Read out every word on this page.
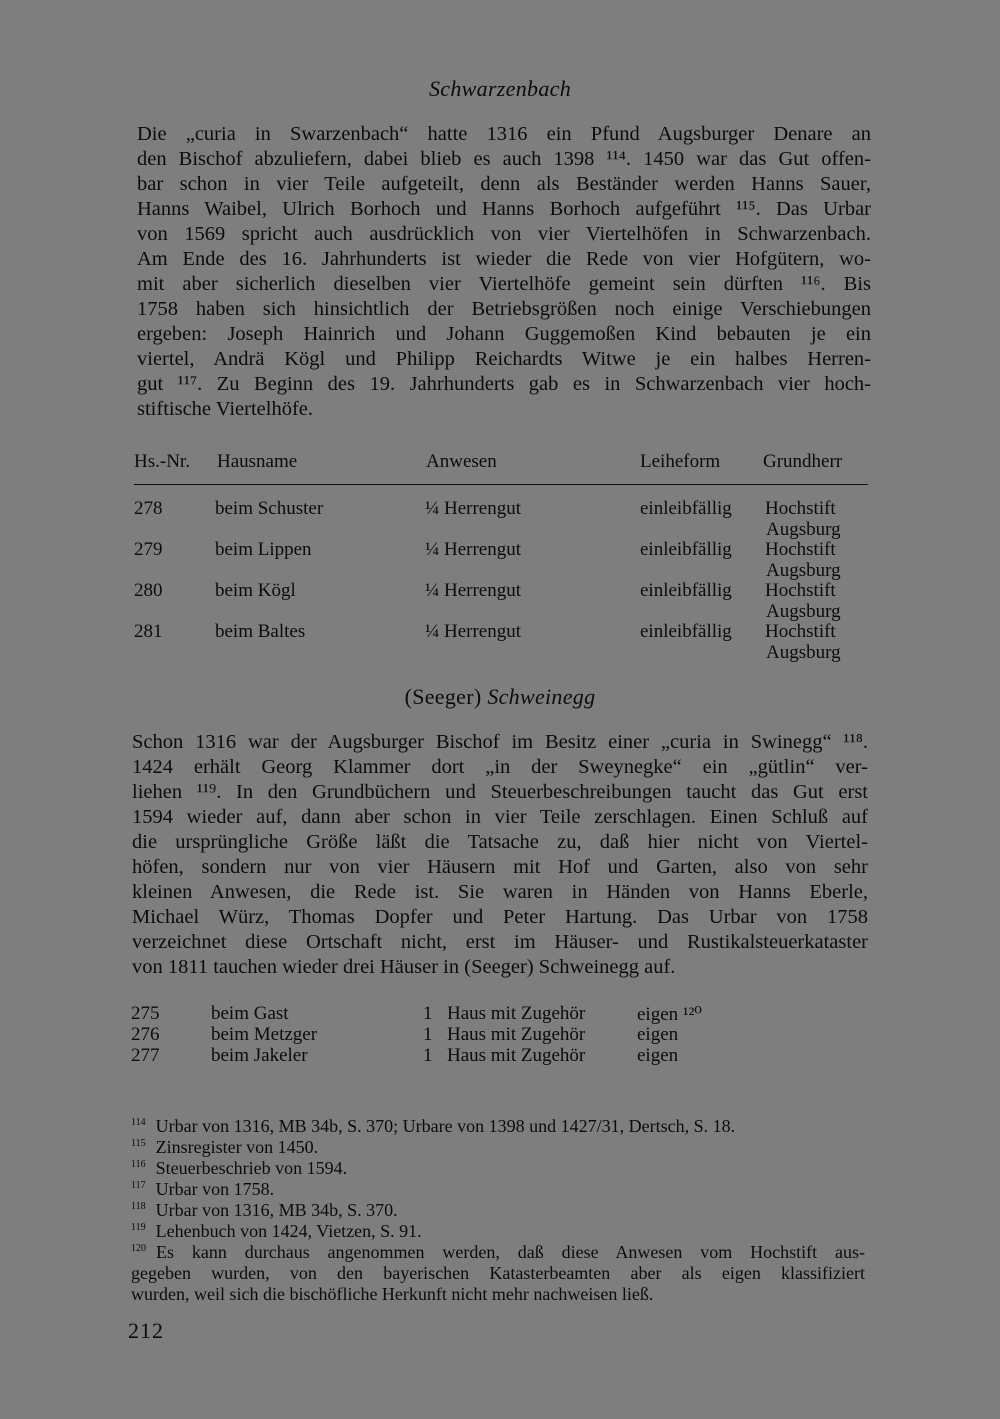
Schwarzenbach
Die „curia in Swarzenbach“ hatte 1316 ein Pfund Augsburger Denare an
den Bischof abzuliefern, dabei blieb es auch 1398 ¹¹⁴. 1450 war das Gut offen-
bar schon in vier Teile aufgeteilt, denn als Beständer werden Hanns Sauer,
Hanns Waibel, Ulrich Borhoch und Hanns Borhoch aufgeführt ¹¹⁵. Das Urbar
von 1569 spricht auch ausdrücklich von vier Viertelhöfen in Schwarzenbach.
Am Ende des 16. Jahrhunderts ist wieder die Rede von vier Hofgütern, wo-
mit aber sicherlich dieselben vier Viertelhöfe gemeint sein dürften ¹¹⁶. Bis
1758 haben sich hinsichtlich der Betriebsgrößen noch einige Verschiebungen
ergeben: Joseph Hainrich und Johann Guggemoßen Kind bebauten je ein
viertel, Andrä Kögl und Philipp Reichardts Witwe je ein halbes Herren-
gut ¹¹⁷. Zu Beginn des 19. Jahrhunderts gab es in Schwarzenbach vier hoch-
stiftische Viertelhöfe.
Hs.-Nr. Hausname	Anwesen	Leiheform Grundherr
278	beim Schuster	¼ Herrengut	einleibfällig Hochstift
Augsburg
279	beim Lippen	¼ Herrengut	einleibfällig Hochstift
Augsburg
280	beim Kögl	¼ Herrengut	einleibfällig Hochstift
Augsburg
281	beim Baltes	¼ Herrengut	einleibfällig Hochstift
Augsburg
(Seeger) Schweinegg
Schon 1316 war der Augsburger Bischof im Besitz einer „curia in Swinegg“ ¹¹⁸.
1424 erhält Georg Klammer dort „in der Sweynegke“ ein „gütlin“ ver-
liehen ¹¹⁹. In den Grundbüchern und Steuerbeschreibungen taucht das Gut erst
1594 wieder auf, dann aber schon in vier Teile zerschlagen. Einen Schluß auf
die ursprüngliche Größe läßt die Tatsache zu, daß hier nicht von Viertel-
höfen, sondern nur von vier Häusern mit Hof und Garten, also von sehr
kleinen Anwesen, die Rede ist. Sie waren in Händen von Hanns Eberle,
Michael Würz, Thomas Dopfer und Peter Hartung. Das Urbar von 1758
verzeichnet diese Ortschaft nicht, erst im Häuser- und Rustikalsteuerkataster
von 1811 tauchen wieder drei Häuser in (Seeger) Schweinegg auf.
275	beim Gast	1 Haus mit Zugehör	eigen ¹²⁰
276	beim Metzger	1 Haus mit Zugehör	eigen
277	beim Jakeler	1 Haus mit Zugehör	eigen
$^{114}$ Urbar von 1316, MB 34b, S. 370; Urbare von 1398 und 1427/31, Dertsch, S. 18.
$^{115}$ Zinsregister von 1450.
$^{116}$ Steuerbeschrieb von 1594.
$^{117}$ Urbar von 1758.
$^{118}$ Urbar von 1316, MB 34b, S. 370.
$^{119}$ Lehenbuch von 1424, Vietzen, S. 91.
$^{120}$ Es kann durchaus angenommen werden, daß diese Anwesen vom Hochstift aus-
gegeben wurden, von den bayerischen Katasterbeamten aber als eigen klassifiziert
wurden, weil sich die bischöfliche Herkunft nicht mehr nachweisen ließ.
212
